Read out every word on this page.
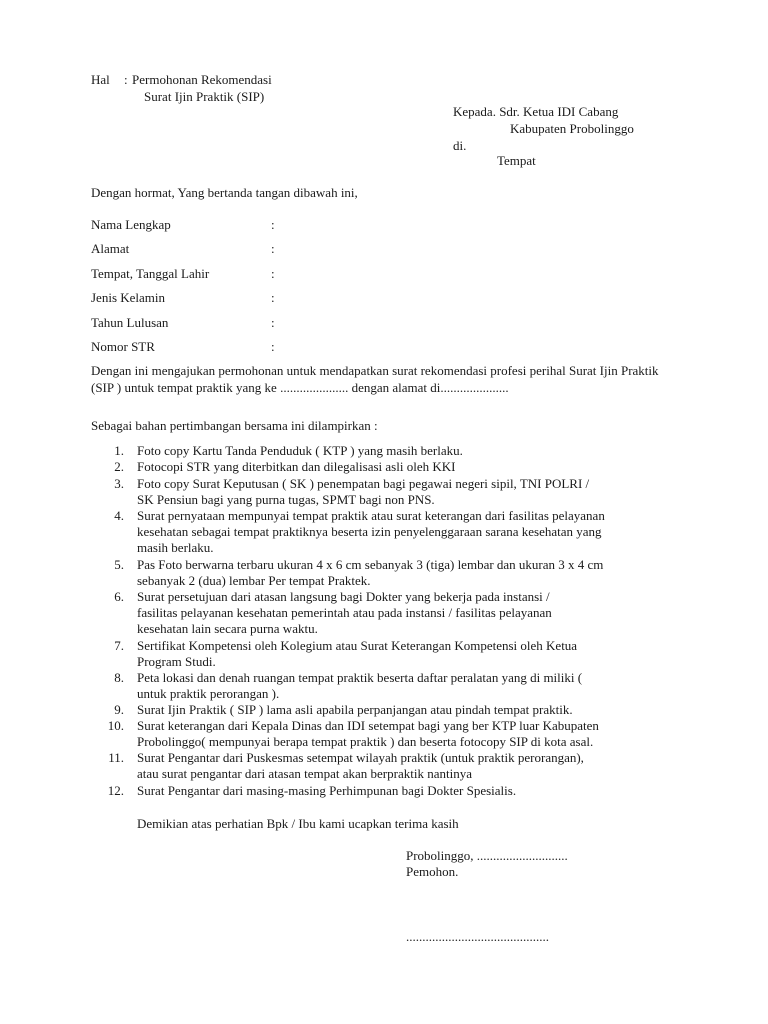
Hal : Permohonan Rekomendasi
Surat Ijin Praktik (SIP)
Kepada. Sdr. Ketua IDI Cabang
Kabupaten Probolinggo
di.
Tempat
Dengan hormat, Yang bertanda tangan dibawah ini,
Nama Lengkap	:
Alamat	:
Tempat, Tanggal Lahir	:
Jenis Kelamin	:
Tahun Lulusan	:
Nomor STR	:
Dengan ini mengajukan permohonan untuk mendapatkan surat rekomendasi profesi perihal Surat Ijin Praktik (SIP ) untuk tempat praktik yang ke ..................... dengan alamat di.....................
Sebagai bahan pertimbangan bersama ini dilampirkan :
1. Foto copy Kartu Tanda Penduduk ( KTP ) yang masih berlaku.
2. Fotocopi STR yang diterbitkan dan dilegalisasi asli oleh KKI
3. Foto copy Surat Keputusan ( SK ) penempatan bagi pegawai negeri sipil, TNI POLRI /
SK Pensiun bagi yang purna tugas, SPMT bagi non PNS.
4. Surat pernyataan mempunyai tempat praktik atau surat keterangan dari fasilitas pelayanan
kesehatan sebagai tempat praktiknya beserta izin penyelenggaraan sarana kesehatan yang
masih berlaku.
5. Pas Foto berwarna terbaru ukuran 4 x 6 cm sebanyak 3 (tiga) lembar dan ukuran 3 x 4 cm
sebanyak 2 (dua) lembar Per tempat Praktek.
6. Surat persetujuan dari atasan langsung bagi Dokter yang bekerja pada instansi /
fasilitas pelayanan kesehatan pemerintah atau pada instansi / fasilitas pelayanan
kesehatan lain secara purna waktu.
7. Sertifikat Kompetensi oleh Kolegium atau Surat Keterangan Kompetensi oleh Ketua
Program Studi.
8. Peta lokasi dan denah ruangan tempat praktik beserta daftar peralatan yang di miliki (
untuk praktik perorangan ).
9. Surat Ijin Praktik ( SIP ) lama asli apabila perpanjangan atau pindah tempat praktik.
10. Surat keterangan dari Kepala Dinas dan IDI setempat bagi yang ber KTP luar Kabupaten
Probolinggo( mempunyai berapa tempat praktik ) dan beserta fotocopy SIP di kota asal.
11. Surat Pengantar dari Puskesmas setempat wilayah praktik (untuk praktik perorangan),
atau surat pengantar dari atasan tempat akan berpraktik nantinya
12. Surat Pengantar dari masing-masing Perhimpunan bagi Dokter Spesialis.
Demikian atas perhatian Bpk / Ibu kami ucapkan terima kasih
Probolinggo, ............................
Pemohon.
............................................
